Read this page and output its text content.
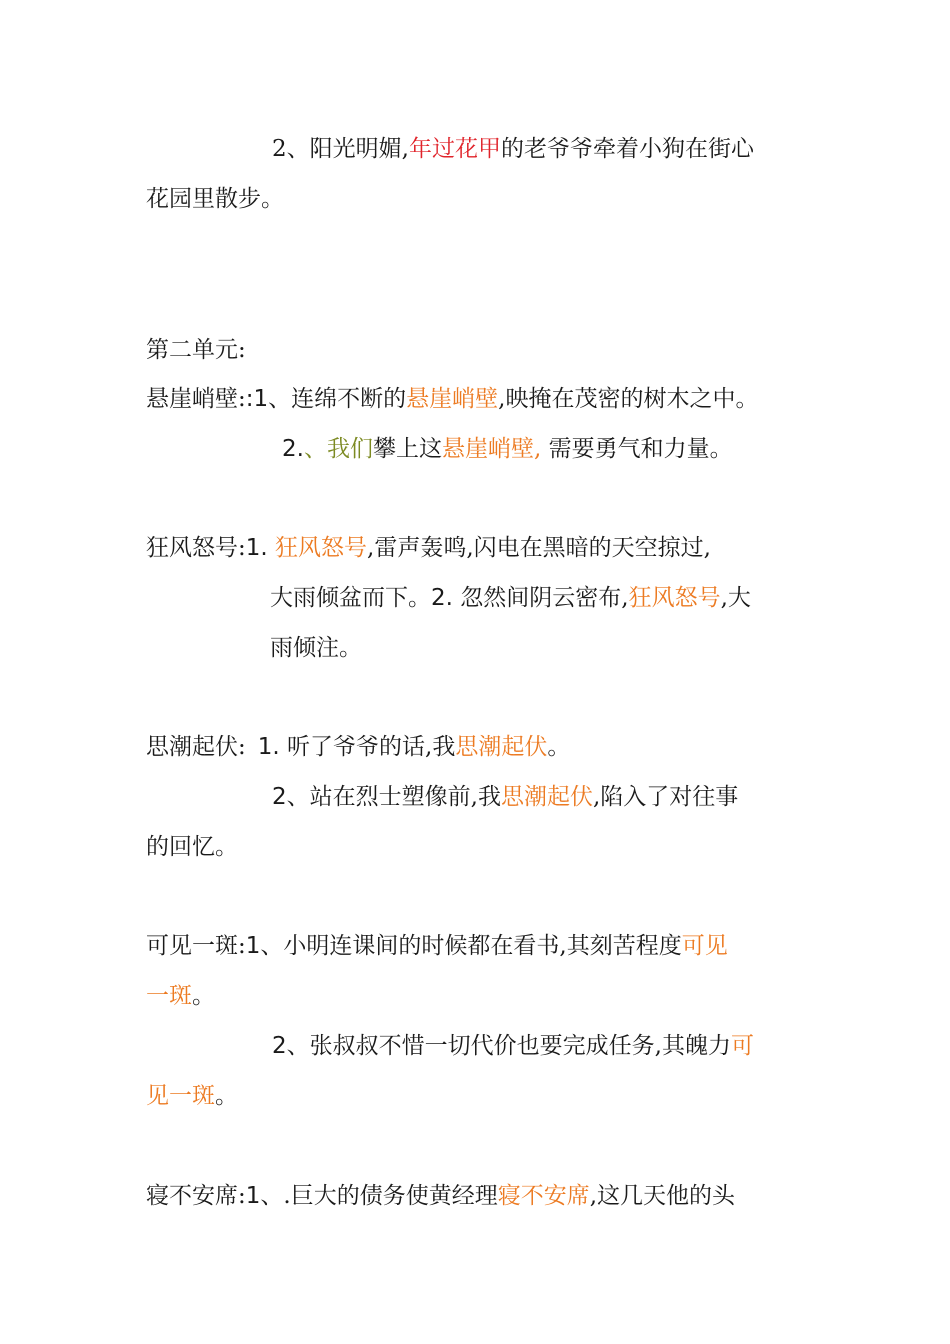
2、阳光明媚,年过花甲的老爷爷牵着小狗在街心
花园里散步。
第二单元:
悬崖峭壁::1、连绵不断的悬崖峭壁,映掩在茂密的树木之中。
2.、我们攀上这悬崖峭壁, 需要勇气和力量。
狂风怒号:1. 狂风怒号,雷声轰鸣,闪电在黑暗的天空掠过,
大雨倾盆而下。2. 忽然间阴云密布,狂风怒号,大
雨倾注。
思潮起伏: 1. 听了爷爷的话,我思潮起伏。
2、站在烈士塑像前,我思潮起伏,陷入了对往事
的回忆。
可见一斑:1、小明连课间的时候都在看书,其刻苦程度可见
一斑。
2、张叔叔不惜一切代价也要完成任务,其魄力可
见一斑。
寝不安席:1、.巨大的债务使黄经理寝不安席,这几天他的头
